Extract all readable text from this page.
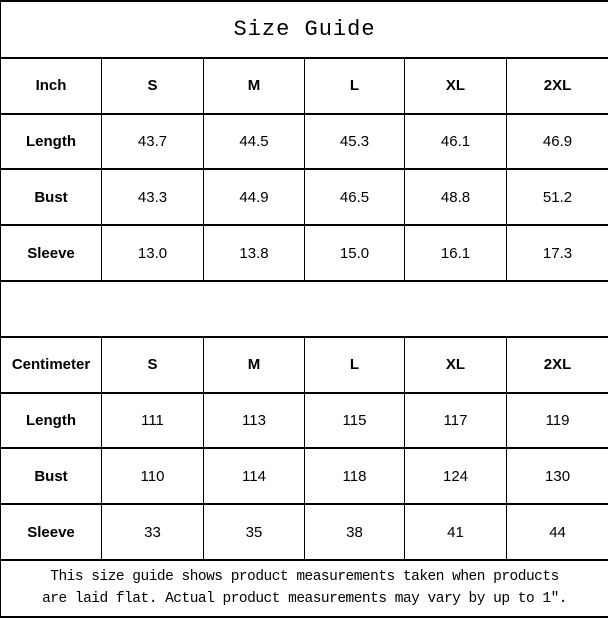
Size Guide					
Inch	S	M	L	XL	2XL
Length	43.7	44.5	45.3	46.1	46.9
Bust	43.3	44.9	46.5	48.8	51.2
Sleeve	13.0	13.8	15.0	16.1	17.3

Centimeter	S	M	L	XL	2XL
Length	111	113	115	117	119
Bust	110	114	118	124	130
Sleeve	33	35	38	41	44

This size guide shows product measurements taken when products
are laid flat. Actual product measurements may vary by up to 1″.					
